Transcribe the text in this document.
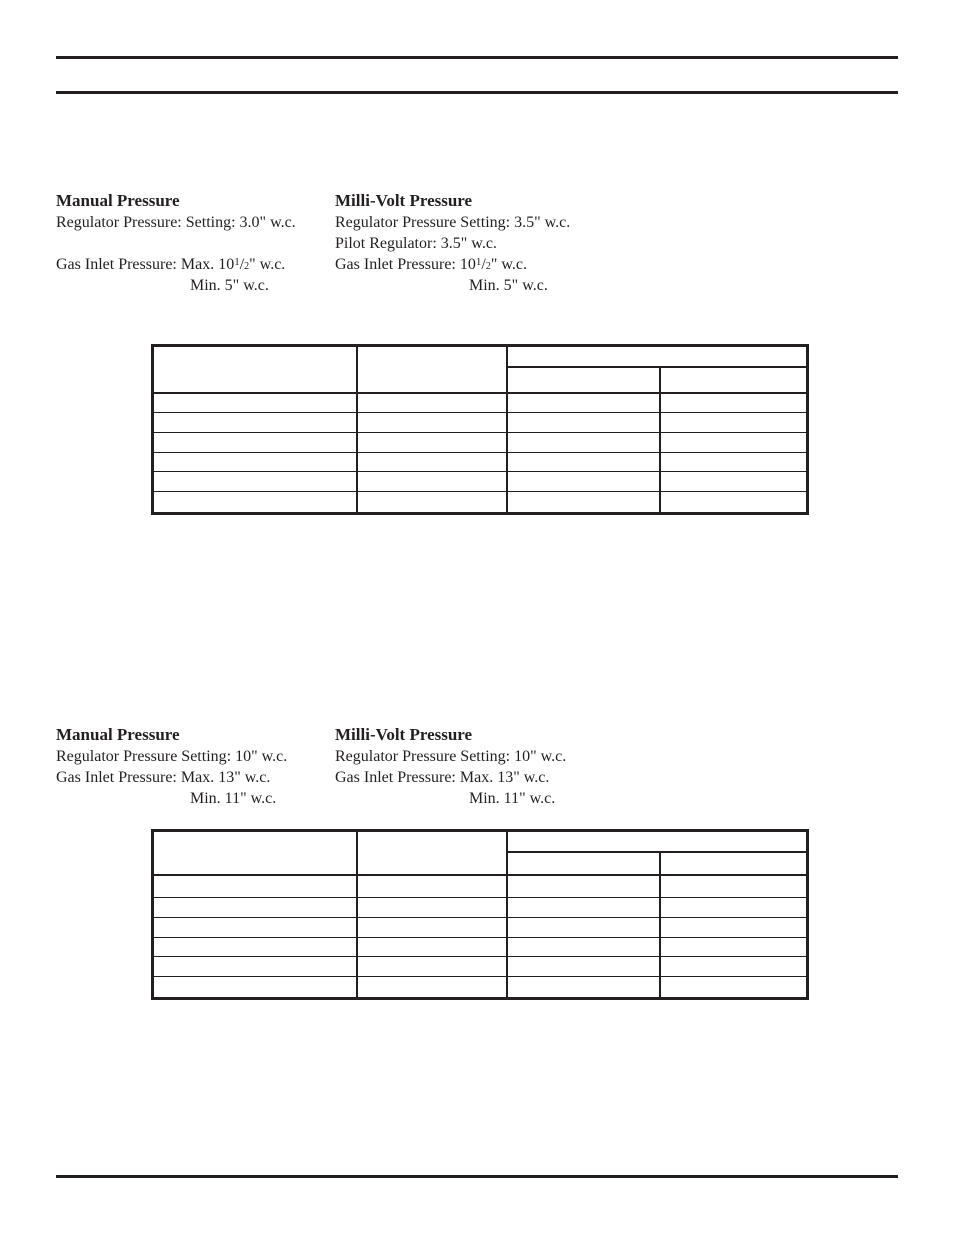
Manual Pressure
Regulator Pressure: Setting: 3.0" w.c.
Gas Inlet Pressure: Max. $10^1/2$" w.c.
Min. 5" w.c.
Milli-Volt Pressure
Regulator Pressure Setting: 3.5" w.c.
Pilot Regulator: 3.5" w.c.
Gas Inlet Pressure: $10^1/2$" w.c.
Min. 5" w.c.
Manual Pressure
Regulator Pressure Setting: 10" w.c.
Gas Inlet Pressure: Max. 13" w.c.
Min. 11" w.c.
Milli-Volt Pressure
Regulator Pressure Setting: 10" w.c.
Gas Inlet Pressure: Max. 13" w.c.
Min. 11" w.c.
